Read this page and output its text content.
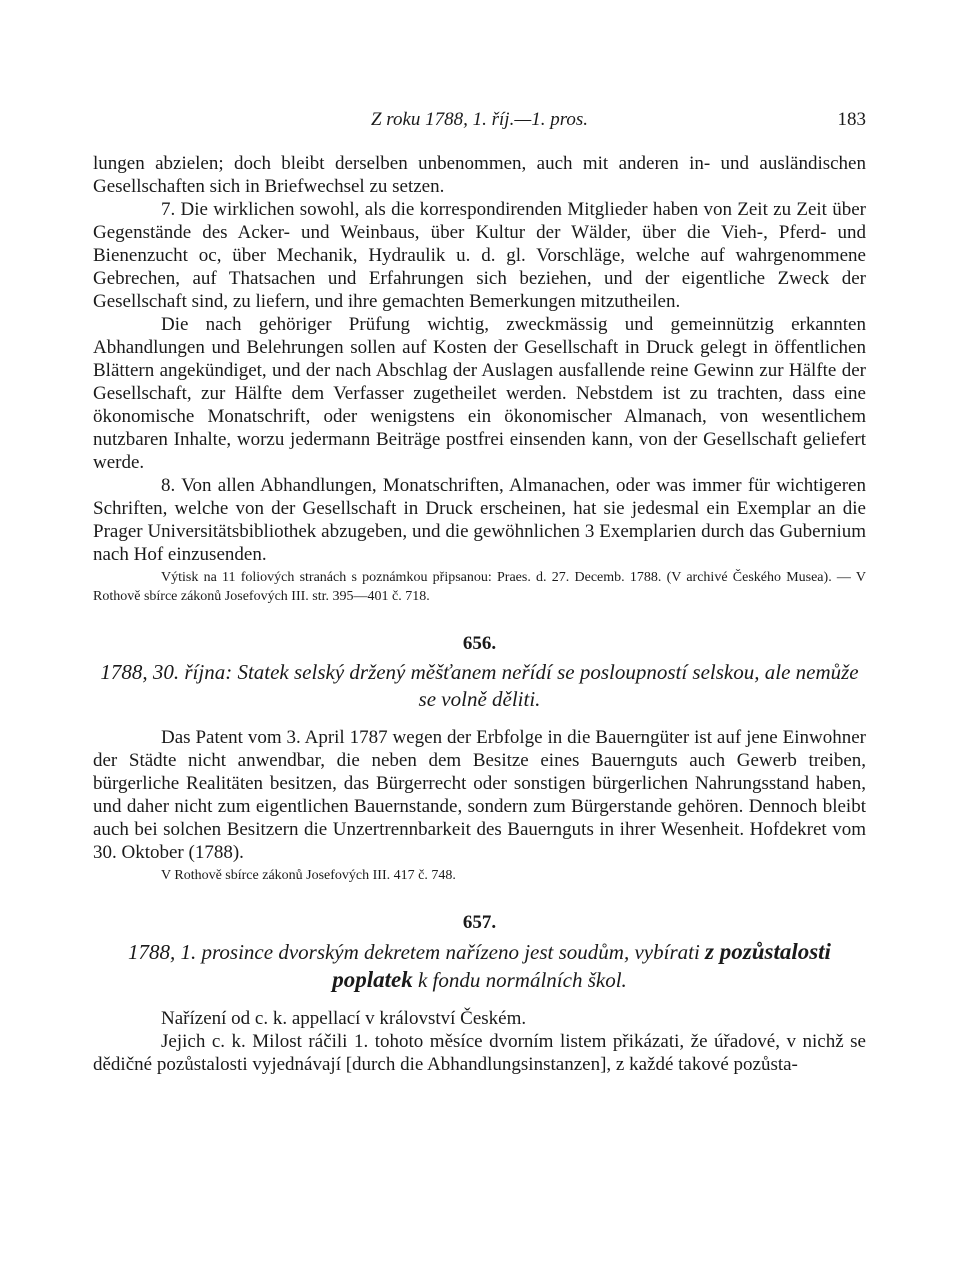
Z roku 1788, 1. říj.—1. pros.	183

lungen abzielen; doch bleibt derselben unbenommen, auch mit anderen in- und ausländischen Gesellschaften sich in Briefwechsel zu setzen.

7. Die wirklichen sowohl, als die korrespondirenden Mitglieder haben von Zeit zu Zeit über Gegenstände des Acker- und Weinbaus, über Kultur der Wälder, über die Vieh-, Pferd- und Bienenzucht oc, über Mechanik, Hydraulik u. d. gl. Vorschläge, welche auf wahrgenommene Gebrechen, auf Thatsachen und Erfahrungen sich beziehen, und der eigentliche Zweck der Gesellschaft sind, zu liefern, und ihre gemachten Bemerkungen mitzutheilen.

Die nach gehöriger Prüfung wichtig, zweckmässig und gemeinnützig erkannten Abhandlungen und Belehrungen sollen auf Kosten der Gesellschaft in Druck gelegt in öffentlichen Blättern angekündiget, und der nach Abschlag der Auslagen ausfallende reine Gewinn zur Hälfte der Gesellschaft, zur Hälfte dem Verfasser zugetheilet werden. Nebstdem ist zu trachten, dass eine ökonomische Monatschrift, oder wenigstens ein ökonomischer Almanach, von wesentlichem nutzbaren Inhalte, worzu jedermann Beiträge postfrei einsenden kann, von der Gesellschaft geliefert werde.

8. Von allen Abhandlungen, Monatschriften, Almanachen, oder was immer für wichtigeren Schriften, welche von der Gesellschaft in Druck erscheinen, hat sie jedesmal ein Exemplar an die Prager Universitätsbibliothek abzugeben, und die gewöhnlichen 3 Exemplarien durch das Gubernium nach Hof einzusenden.

Výtisk na 11 foliových stranách s poznámkou připsanou: Praes. d. 27. Decemb. 1788. (V archivé Českého Musea). — V Rothově sbírce zákonů Josefových III. str. 395—401 č. 718.

656.
1788, 30. října: Statek selský držený měšťanem neřídí se posloupností selskou, ale nemůže se volně děliti.

Das Patent vom 3. April 1787 wegen der Erbfolge in die Bauerngüter ist auf jene Einwohner der Städte nicht anwendbar, die neben dem Besitze eines Bauernguts auch Gewerb treiben, bürgerliche Realitäten besitzen, das Bürgerrecht oder sonstigen bürgerlichen Nahrungsstand haben, und daher nicht zum eigentlichen Bauernstande, sondern zum Bürgerstande gehören. Dennoch bleibt auch bei solchen Besitzern die Unzertrennbarkeit des Bauernguts in ihrer Wesenheit. Hofdekret vom 30. Oktober (1788).

V Rothově sbírce zákonů Josefových III. 417 č. 748.

657.
1788, 1. prosince dvorským dekretem nařízeno jest soudům, vybírati z pozůstalosti poplatek k fondu normálních škol.

Nařízení od c. k. appellací v království Českém.

Jejich c. k. Milost ráčili 1. tohoto měsíce dvorním listem přikázati, že úřadové, v nichž se dědičné pozůstalosti vyjednávají [durch die Abhandlungsinstanzen], z každé takové pozůsta-
